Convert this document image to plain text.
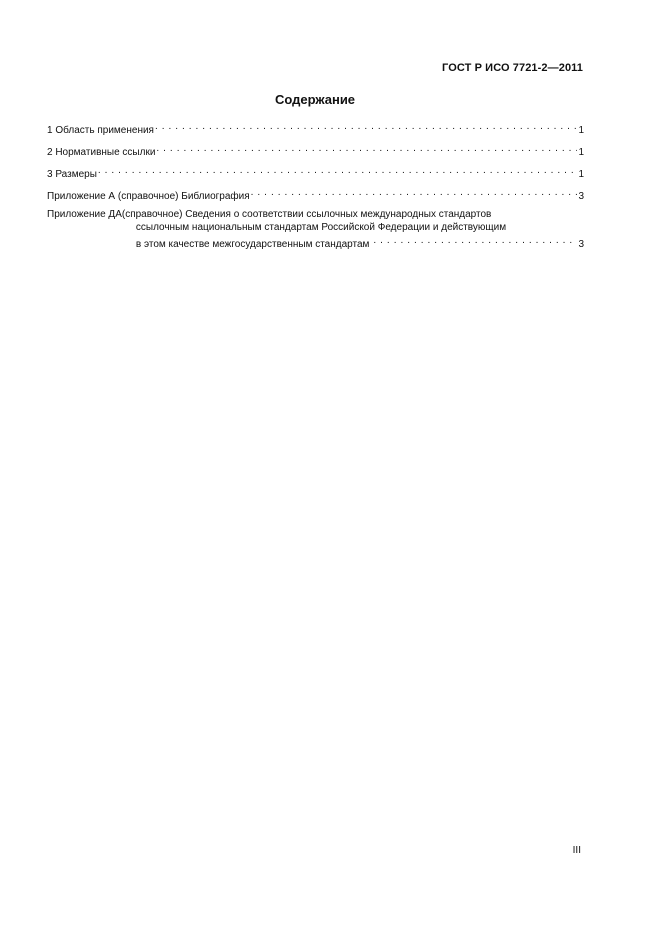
ГОСТ Р ИСО 7721-2—2011
Содержание
1 Область применения . . .	1
2 Нормативные ссылки . . .	1
3 Размеры . . .	1
Приложение А (справочное) Библиография . . .	3
Приложение ДА (справочное) Сведения о соответствии ссылочных международных стандартов
ссылочным национальным стандартам Российской Федерации и действующим
в этом качестве межгосударственным стандартам . . .	3
III
